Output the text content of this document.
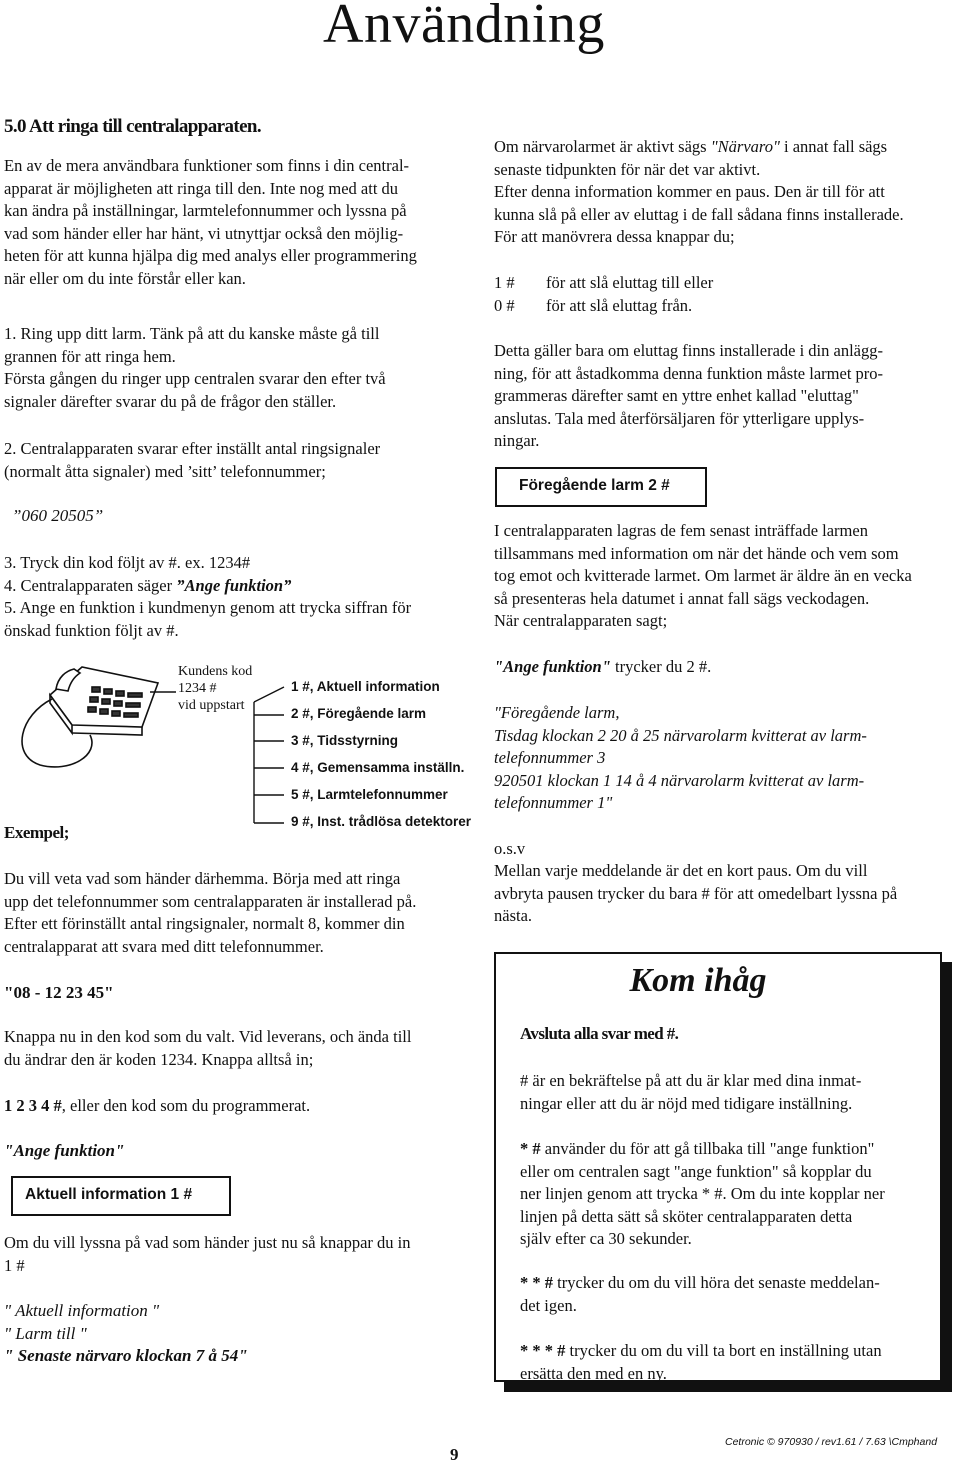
Användning
5.0 Att ringa till centralapparaten.
En av de mera användbara funktioner som finns i din central-
apparat är möjligheten att ringa till den. Inte nog med att du
kan ändra på inställningar, larmtelefonnummer och lyssna på
vad som händer eller har hänt, vi utnyttjar också den möjlig-
heten för att kunna hjälpa dig med analys eller programmering
när eller om du inte förstår eller kan.
1. Ring upp ditt larm. Tänk på att du kanske måste gå till
grannen för att ringa hem.
Första gången du ringer upp centralen svarar den efter två
signaler därefter svarar du på de frågor den ställer.
2. Centralapparaten svarar efter inställt antal ringsignaler
(normalt åtta signaler) med ’sitt’ telefonnummer;
”060 20505”
3. Tryck din kod följt av #. ex. 1234#
4. Centralapparaten säger ”Ange funktion”
5. Ange en funktion i kundmenyn genom att trycka siffran för
önskad funktion följt av #.
Kundens kod
1234 #
vid uppstart
1 #, Aktuell information
2 #, Föregående larm
3 #, Tidsstyrning
4 #, Gemensamma inställn.
5 #, Larmtelefonnummer
9 #, Inst. trådlösa detektorer
Exempel;
Du vill veta vad som händer därhemma. Börja med att ringa
upp det telefonnummer som centralapparaten är installerad på.
Efter ett förinställt antal ringsignaler, normalt 8, kommer din
centralapparat att svara med ditt telefonnummer.
"08 - 12 23 45"
Knappa nu in den kod som du valt. Vid leverans, och ända till
du ändrar den är koden 1234. Knappa alltså in;
1 2 3 4 #, eller den kod som du programmerat.
"Ange funktion"
Aktuell information 1 #
Om du vill lyssna på vad som händer just nu så knappar du in
1 #
" Aktuell information "
" Larm till "
" Senaste närvaro klockan 7 å 54"
Om närvarolarmet är aktivt sägs "Närvaro" i annat fall sägs
senaste tidpunkten för när det var aktivt.
Efter denna information kommer en paus. Den är till för att
kunna slå på eller av eluttag i de fall sådana finns installerade.
För att manövrera dessa knappar du;
1 # för att slå eluttag till eller
0 # för att slå eluttag från.
Detta gäller bara om eluttag finns installerade i din anlägg-
ning, för att åstadkomma denna funktion måste larmet pro-
grammeras därefter samt en yttre enhet kallad "eluttag"
anslutas. Tala med återförsäljaren för ytterligare upplys-
ningar.
Föregående larm 2 #
I centralapparaten lagras de fem senast inträffade larmen
tillsammans med information om när det hände och vem som
tog emot och kvitterade larmet. Om larmet är äldre än en vecka
så presenteras hela datumet i annat fall sägs veckodagen.
När centralapparaten sagt;
"Ange funktion" trycker du 2 #.
"Föregående larm,
Tisdag klockan 2 20 å 25 närvarolarm kvitterat av larm-
telefonnummer 3
920501 klockan 1 14 å 4 närvarolarm kvitterat av larm-
telefonnummer 1"
o.s.v
Mellan varje meddelande är det en kort paus. Om du vill
avbryta pausen trycker du bara # för att omedelbart lyssna på
nästa.
Kom ihåg
Avsluta alla svar med #.
# är en bekräftelse på att du är klar med dina inmat-
ningar eller att du är nöjd med tidigare inställning.
* # använder du för att gå tillbaka till "ange funktion"
eller om centralen sagt "ange funktion" så kopplar du
ner linjen genom att trycka * #. Om du inte kopplar ner
linjen på detta sätt så sköter centralapparaten detta
själv efter ca 30 sekunder.
* * # trycker du om du vill höra det senaste meddelan-
det igen.
* * * # trycker du om du vill ta bort en inställning utan
ersätta den med en ny.
9
Cetronic © 970930 / rev1.61 / 7.63 \Cmphand
